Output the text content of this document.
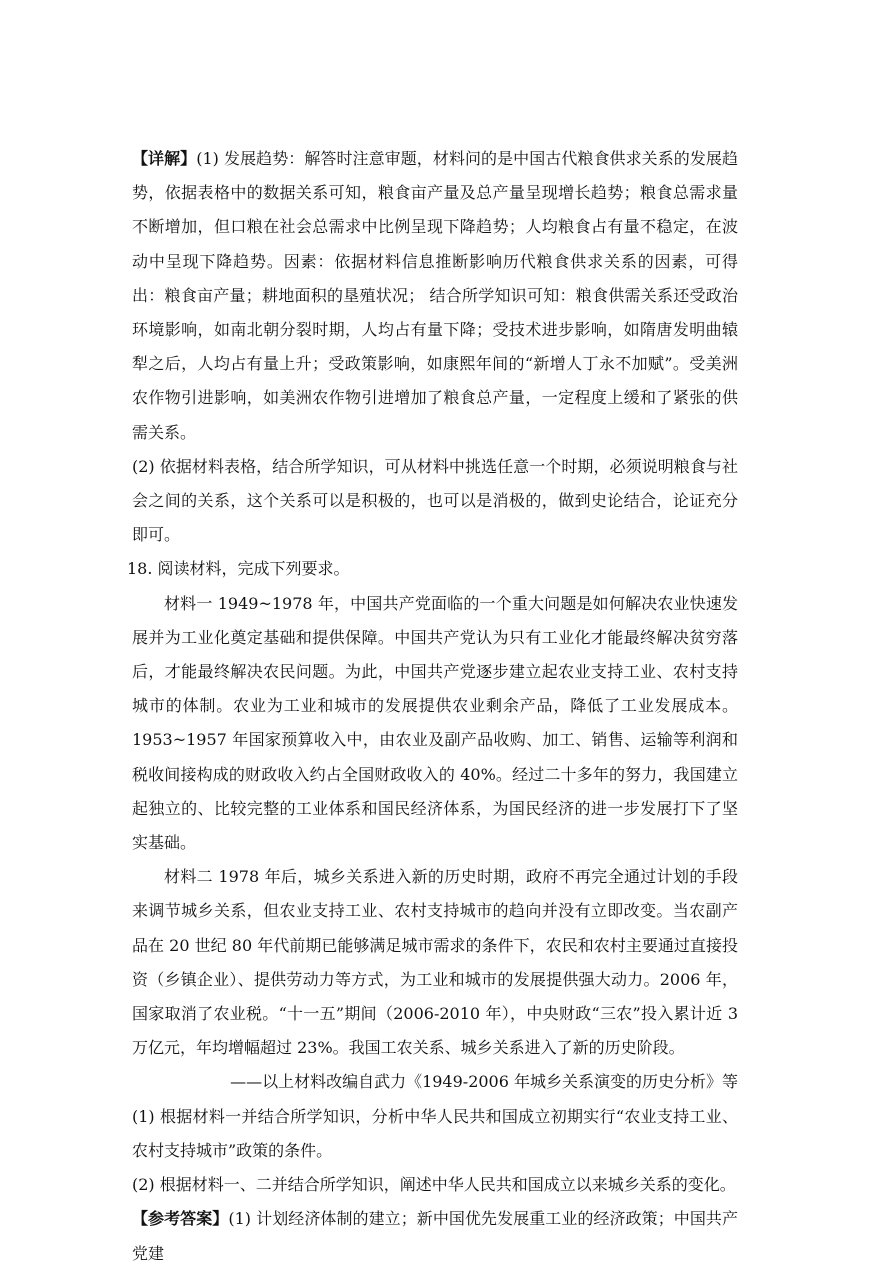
【详解】(1) 发展趋势：解答时注意审题，材料问的是中国古代粮食供求关系的发展趋势，依据表格中的数据关系可知，粮食亩产量及总产量呈现增长趋势；粮食总需求量不断增加，但口粮在社会总需求中比例呈现下降趋势；人均粮食占有量不稳定，在波动中呈现下降趋势。因素：依据材料信息推断影响历代粮食供求关系的因素，可得出：粮食亩产量；耕地面积的垦殖状况； 结合所学知识可知：粮食供需关系还受政治环境影响，如南北朝分裂时期，人均占有量下降；受技术进步影响，如隋唐发明曲辕犁之后，人均占有量上升；受政策影响，如康熙年间的“新增人丁永不加赋”。受美洲农作物引进影响，如美洲农作物引进增加了粮食总产量，一定程度上缓和了紧张的供需关系。

(2) 依据材料表格，结合所学知识，可从材料中挑选任意一个时期，必须说明粮食与社会之间的关系，这个关系可以是积极的，也可以是消极的，做到史论结合，论证充分即可。

18. 阅读材料，完成下列要求。

材料一 1949~1978 年，中国共产党面临的一个重大问题是如何解决农业快速发展并为工业化奠定基础和提供保障。中国共产党认为只有工业化才能最终解决贫穷落后，才能最终解决农民问题。为此，中国共产党逐步建立起农业支持工业、农村支持城市的体制。农业为工业和城市的发展提供农业剩余产品，降低了工业发展成本。1953~1957 年国家预算收入中，由农业及副产品收购、加工、销售、运输等利润和税收间接构成的财政收入约占全国财政收入的 40%。经过二十多年的努力，我国建立起独立的、比较完整的工业体系和国民经济体系，为国民经济的进一步发展打下了坚实基础。

材料二 1978 年后，城乡关系进入新的历史时期，政府不再完全通过计划的手段来调节城乡关系，但农业支持工业、农村支持城市的趋向并没有立即改变。当农副产品在 20 世纪 80 年代前期已能够满足城市需求的条件下，农民和农村主要通过直接投资（乡镇企业）、提供劳动力等方式，为工业和城市的发展提供强大动力。2006 年，国家取消了农业税。“十一五”期间（2006-2010 年），中央财政“三农”投入累计近 3 万亿元，年均增幅超过 23%。我国工农关系、城乡关系进入了新的历史阶段。

——以上材料改编自武力《1949-2006 年城乡关系演变的历史分析》等

(1) 根据材料一并结合所学知识，分析中华人民共和国成立初期实行“农业支持工业、农村支持城市”政策的条件。

(2) 根据材料一、二并结合所学知识，阐述中华人民共和国成立以来城乡关系的变化。

【参考答案】(1) 计划经济体制的建立；新中国优先发展重工业的经济政策；中国共产党建
